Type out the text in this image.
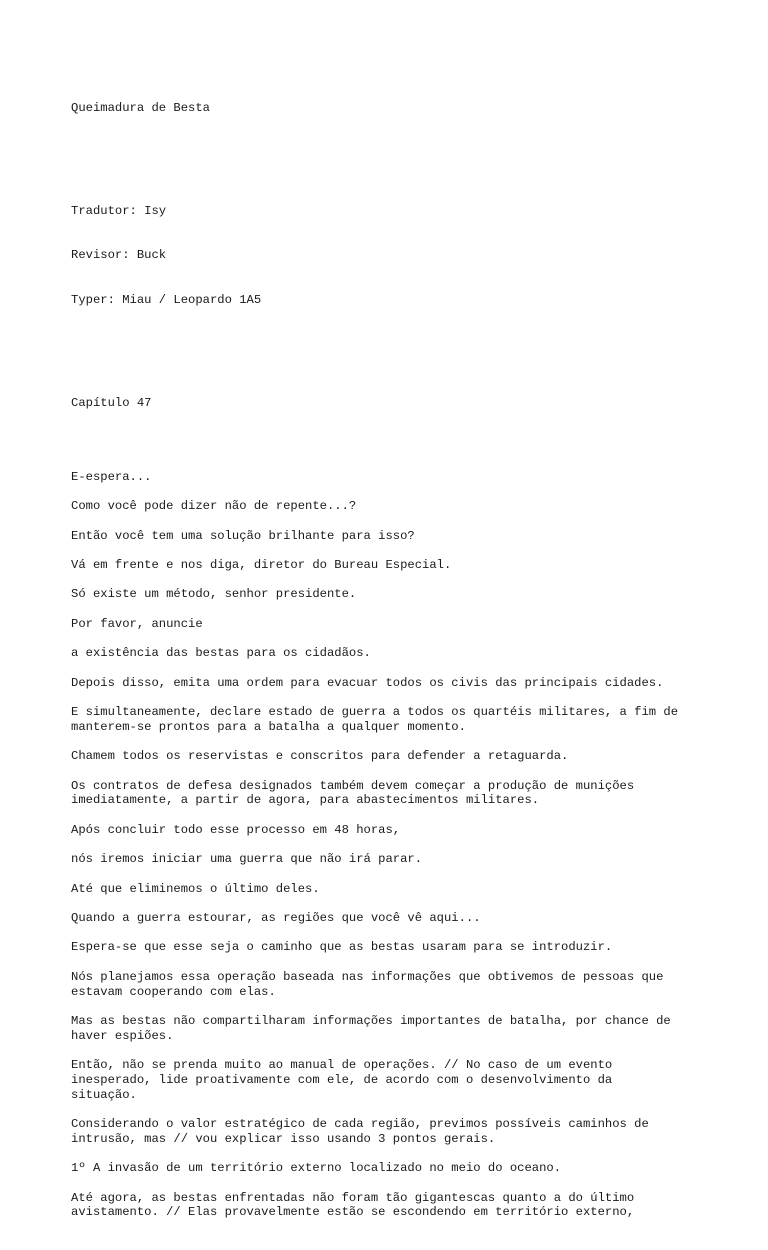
Queimadura de Besta

Tradutor: Isy

Revisor: Buck

Typer: Miau / Leopardo 1A5

Capítulo 47

E-espera...
Como você pode dizer não de repente...?
Então você tem uma solução brilhante para isso?
Vá em frente e nos diga, diretor do Bureau Especial.
Só existe um método, senhor presidente.
Por favor, anuncie
a existência das bestas para os cidadãos.
Depois disso, emita uma ordem para evacuar todos os civis das principais cidades.
E simultaneamente, declare estado de guerra a todos os quartéis militares, a fim de
manterem-se prontos para a batalha a qualquer momento.
Chamem todos os reservistas e conscritos para defender a retaguarda.
Os contratos de defesa designados também devem começar a produção de munições
imediatamente, a partir de agora, para abastecimentos militares.
Após concluir todo esse processo em 48 horas,
nós iremos iniciar uma guerra que não irá parar.
Até que eliminemos o último deles.
Quando a guerra estourar, as regiões que você vê aqui...
Espera-se que esse seja o caminho que as bestas usaram para se introduzir.
Nós planejamos essa operação baseada nas informações que obtivemos de pessoas que
estavam cooperando com elas.
Mas as bestas não compartilharam informações importantes de batalha, por chance de
haver espiões.
Então, não se prenda muito ao manual de operações. // No caso de um evento
inesperado, lide proativamente com ele, de acordo com o desenvolvimento da
situação.
Considerando o valor estratégico de cada região, previmos possíveis caminhos de
intrusão, mas // vou explicar isso usando 3 pontos gerais.
1º A invasão de um território externo localizado no meio do oceano.
Até agora, as bestas enfrentadas não foram tão gigantescas quanto a do último
avistamento. // Elas provavelmente estão se escondendo em território externo,
